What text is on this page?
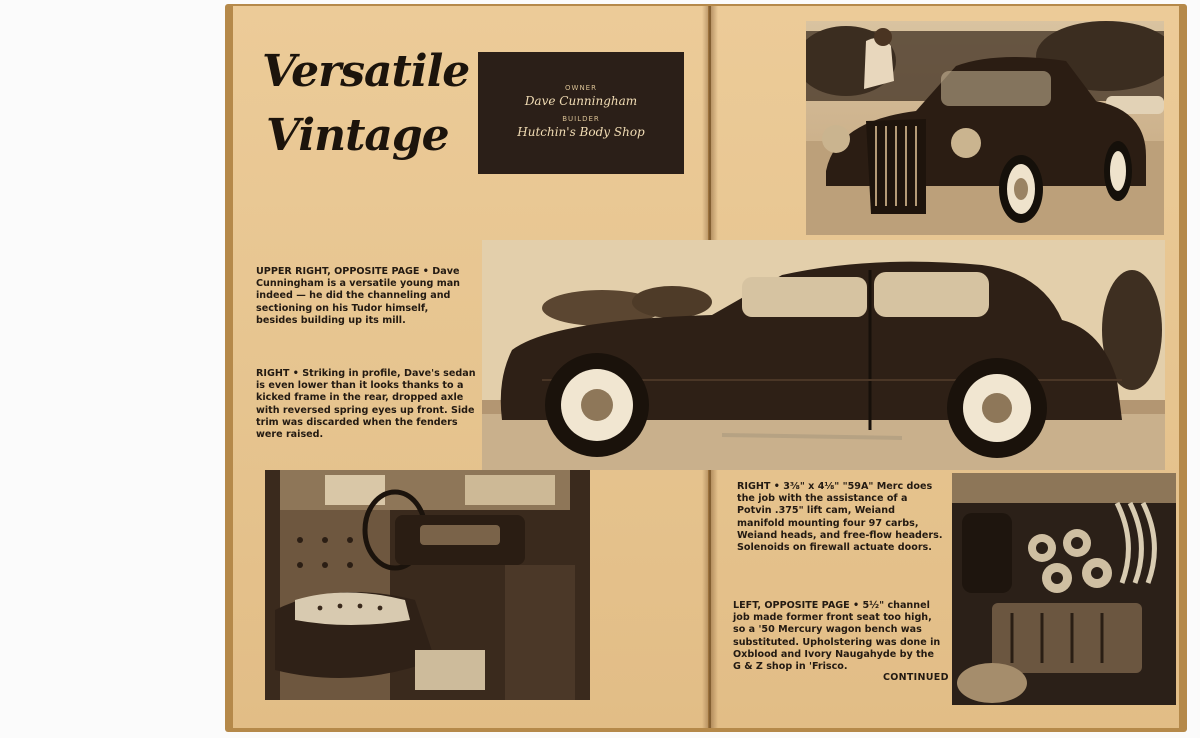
Versatile
Vintage
OWNER
Dave Cunningham
BUILDER
Hutchin's Body Shop

UPPER RIGHT, OPPOSITE PAGE • Dave Cunningham is a versatile young man indeed — he did the channeling and sectioning on his Tudor himself, besides building up its mill.

RIGHT • Striking in profile, Dave's sedan is even lower than it looks thanks to a kicked frame in the rear, dropped axle with reversed spring eyes up front. Side trim was discarded when the fenders were raised.

RIGHT • 3⅜" x 4⅛" "59A" Merc does the job with the assistance of a Potvin .375" lift cam, Weiand manifold mounting four 97 carbs, Weiand heads, and free-flow headers. Solenoids on firewall actuate doors.

LEFT, OPPOSITE PAGE • 5½" channel job made former front seat too high, so a '50 Mercury wagon bench was substituted. Upholstering was done in Oxblood and Ivory Naugahyde by the G & Z shop in 'Frisco.

CONTINUED
